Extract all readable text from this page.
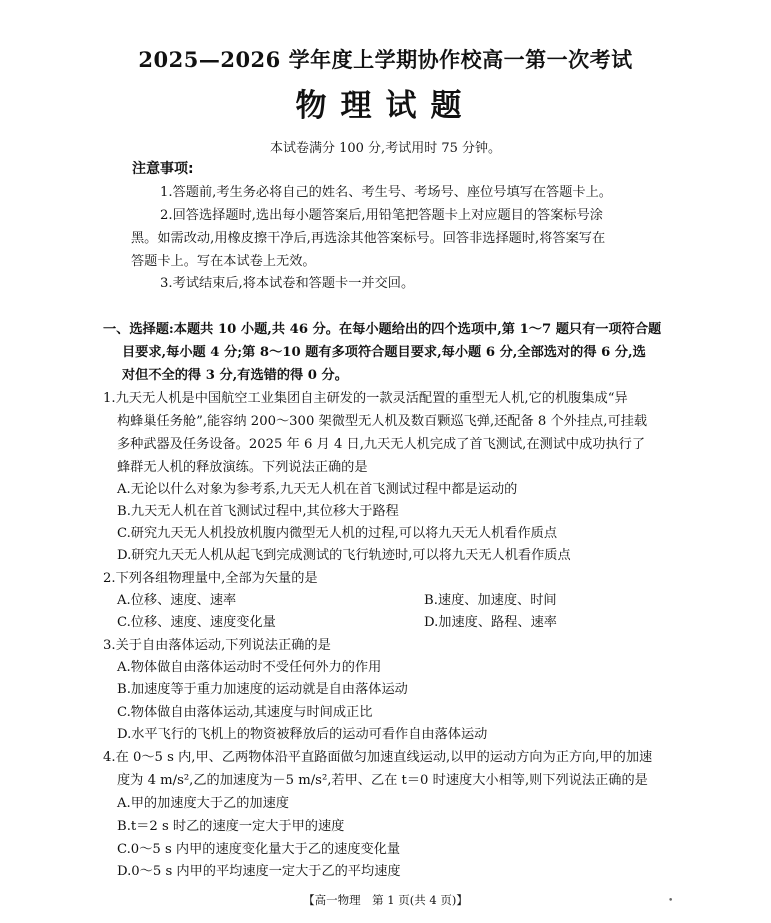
2025—2026 学年度上学期协作校高一第一次考试
物理试题
本试卷满分 100 分,考试用时 75 分钟。
注意事项:
1.答题前,考生务必将自己的姓名、考生号、考场号、座位号填写在答题卡上。
2.回答选择题时,选出每小题答案后,用铅笔把答题卡上对应题目的答案标号涂
黑。如需改动,用橡皮擦干净后,再选涂其他答案标号。回答非选择题时,将答案写在
答题卡上。写在本试卷上无效。
3.考试结束后,将本试卷和答题卡一并交回。
一、选择题:本题共 10 小题,共 46 分。在每小题给出的四个选项中,第 1～7 题只有一项符合题
目要求,每小题 4 分;第 8～10 题有多项符合题目要求,每小题 6 分,全部选对的得 6 分,选
对但不全的得 3 分,有选错的得 0 分。
1.九天无人机是中国航空工业集团自主研发的一款灵活配置的重型无人机,它的机腹集成“异
构蜂巢任务舱”,能容纳 200～300 架微型无人机及数百颗巡飞弹,还配备 8 个外挂点,可挂载
多种武器及任务设备。2025 年 6 月 4 日,九天无人机完成了首飞测试,在测试中成功执行了
蜂群无人机的释放演练。下列说法正确的是
A.无论以什么对象为参考系,九天无人机在首飞测试过程中都是运动的
B.九天无人机在首飞测试过程中,其位移大于路程
C.研究九天无人机投放机腹内微型无人机的过程,可以将九天无人机看作质点
D.研究九天无人机从起飞到完成测试的飞行轨迹时,可以将九天无人机看作质点
2.下列各组物理量中,全部为矢量的是
A.位移、速度、速率	B.速度、加速度、时间
C.位移、速度、速度变化量	D.加速度、路程、速率
3.关于自由落体运动,下列说法正确的是
A.物体做自由落体运动时不受任何外力的作用
B.加速度等于重力加速度的运动就是自由落体运动
C.物体做自由落体运动,其速度与时间成正比
D.水平飞行的飞机上的物资被释放后的运动可看作自由落体运动
4.在 0～5 s 内,甲、乙两物体沿平直路面做匀加速直线运动,以甲的运动方向为正方向,甲的加速
度为 4 m/s²,乙的加速度为－5 m/s²,若甲、乙在 t＝0 时速度大小相等,则下列说法正确的是
A.甲的加速度大于乙的加速度
B.t＝2 s 时乙的速度一定大于甲的速度
C.0～5 s 内甲的速度变化量大于乙的速度变化量
D.0～5 s 内甲的平均速度一定大于乙的平均速度
【高一物理　第 1 页(共 4 页)】	•
